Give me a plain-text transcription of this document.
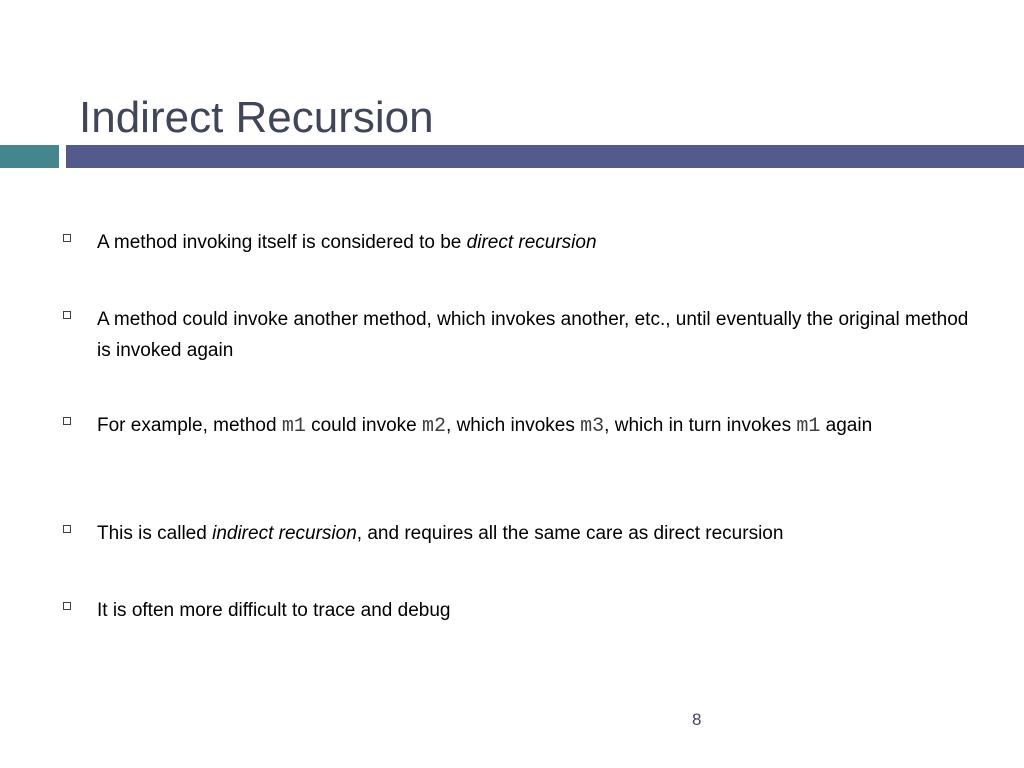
Indirect Recursion
A method invoking itself is considered to be direct recursion
A method could invoke another method, which invokes another, etc., until eventually the original method is invoked again
For example, method m1 could invoke m2, which invokes m3, which in turn invokes m1 again
This is called indirect recursion, and requires all the same care as direct recursion
It is often more difficult to trace and debug
8
